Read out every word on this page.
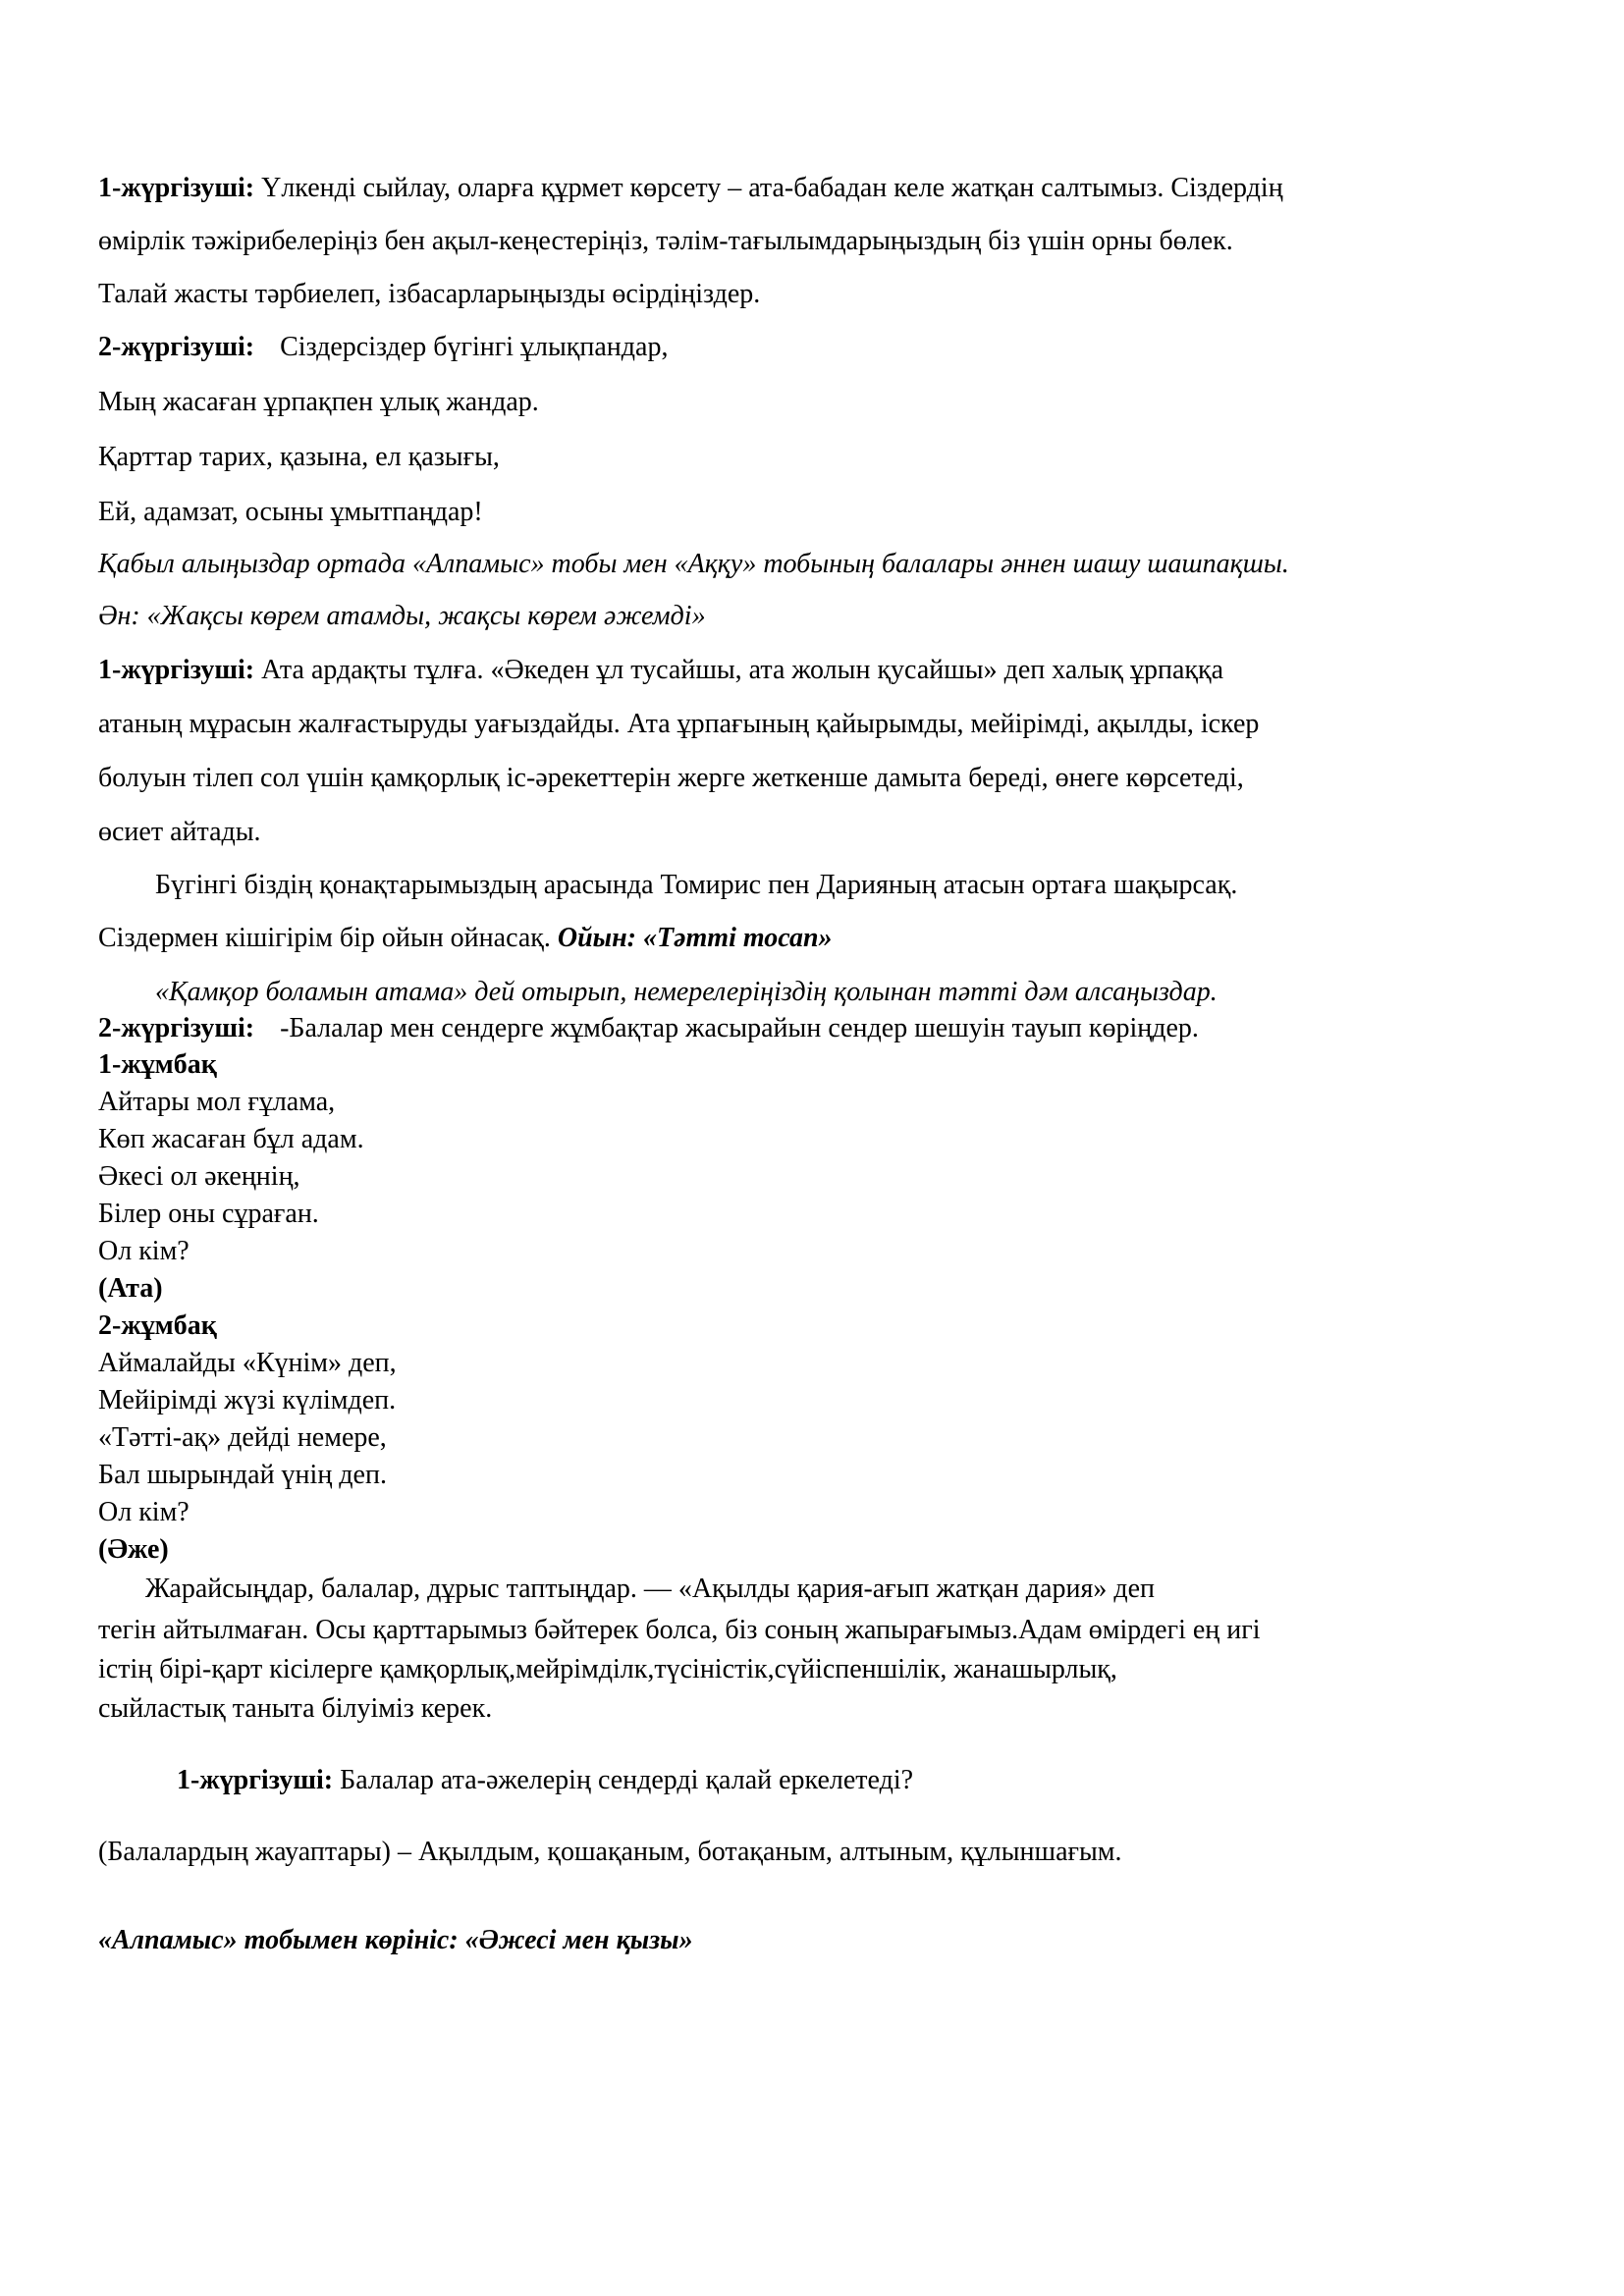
1-жүргізуші: Үлкенді сыйлау, оларға құрмет көрсету – ата-бабадан келе жатқан салтымыз. Сіздердің
өмірлік тәжірибелеріңіз бен ақыл-кеңестеріңіз, тәлім-тағылымдарыңыздың біз үшін орны бөлек.
Талай жасты тәрбиелеп, ізбасарларыңызды өсірдіңіздер.
2-жүргізуші: Сіздерсіздер бүгінгі ұлықпандар,
Мың жасаған ұрпақпен ұлық жандар.
Қарттар тарих, қазына, ел қазығы,
Ей, адамзат, осыны ұмытпаңдар!
Қабыл алыңыздар ортада «Алпамыс» тобы мен «Аққу» тобының балалары әннен шашу шашпақшы.
Ән: «Жақсы көрем атамды, жақсы көрем әжемді»
1-жүргізуші: Ата ардақты тұлға. «Әкеден ұл тусайшы, ата жолын қусайшы» деп халық ұрпаққа
атаның мұрасын жалғастыруды уағыздайды. Ата ұрпағының қайырымды, мейірімді, ақылды, іскер
болуын тілеп сол үшін қамқорлық іс-әрекеттерін жерге жеткенше дамыта береді, өнеге көрсетеді,
өсиет айтады.
Бүгінгі біздің қонақтарымыздың арасында Томирис пен Дарияның атасын ортаға шақырсақ.
Сіздермен кішігірім бір ойын ойнасақ. Ойын: «Тәтті тосап»
«Қамқор боламын атама» дей отырып, немерелеріңіздің қолынан тәтті дәм алсаңыздар.
2-жүргізуші: -Балалар мен сендерге жұмбақтар жасырайын сендер шешуін тауып көріңдер.
1-жұмбақ
Айтары мол ғұлама,
Көп жасаған бұл адам.
Әкесі ол әкеңнің,
Білер оны сұраған.
Ол кім?
(Ата)
2-жұмбақ
Аймалайды «Күнім» деп,
Мейірімді жүзі күлімдеп.
«Тәтті-ақ» дейді немере,
Бал шырындай үнің деп.
Ол кім?
(Әже)
Жарайсыңдар, балалар, дұрыс таптыңдар. — «Ақылды қария-ағып жатқан дария» деп
тегін айтылмаған. Осы қарттарымыз бәйтерек болса, біз соның жапырағымыз.Адам өмірдегі ең игі
істің бірі-қарт кісілерге қамқорлық,мейрімділк,түсіністік,сүйіспеншілік, жанашырлық,
сыйластық таныта білуіміз керек.
1-жүргізуші: Балалар ата-әжелерің сендерді қалай еркелетеді?
(Балалардың жауаптары) – Ақылдым, қошақаным, ботақаным, алтыным, құлыншағым.
«Алпамыс» тобымен көрініс: «Әжесі мен қызы»
